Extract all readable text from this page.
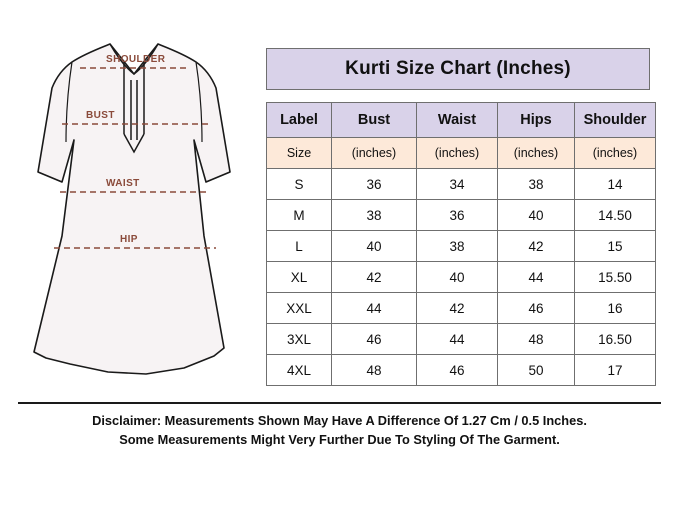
SHOULDER
BUST
WAIST
HIP
Kurti Size Chart (Inches)
Label	Bust	Waist	Hips	Shoulder
Size	(inches)	(inches)	(inches)	(inches)
S	36	34	38	14
M	38	36	40	14.50
L	40	38	42	15
XL	42	40	44	15.50
XXL	44	42	46	16
3XL	46	44	48	16.50
4XL	48	46	50	17
Disclaimer: Measurements Shown May Have A Difference Of 1.27 Cm / 0.5 Inches.
Some Measurements Might Very Further Due To Styling Of The Garment.
